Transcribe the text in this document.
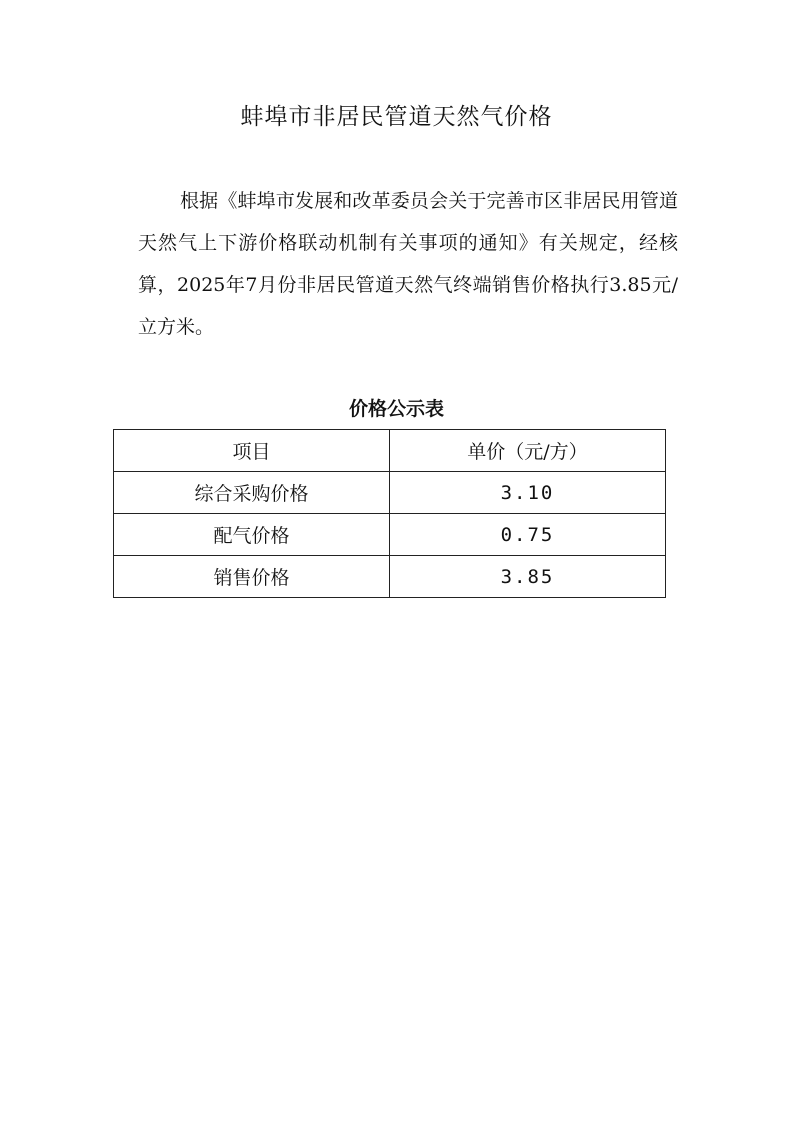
蚌埠市非居民管道天然气价格

根据《蚌埠市发展和改革委员会关于完善市区非居民用管道天然气上下游价格联动机制有关事项的通知》有关规定，经核算，2025年7月份非居民管道天然气终端销售价格执行3.85元/立方米。

价格公示表
项目	单价（元/方）
综合采购价格	3.10
配气价格	0.75
销售价格	3.85
